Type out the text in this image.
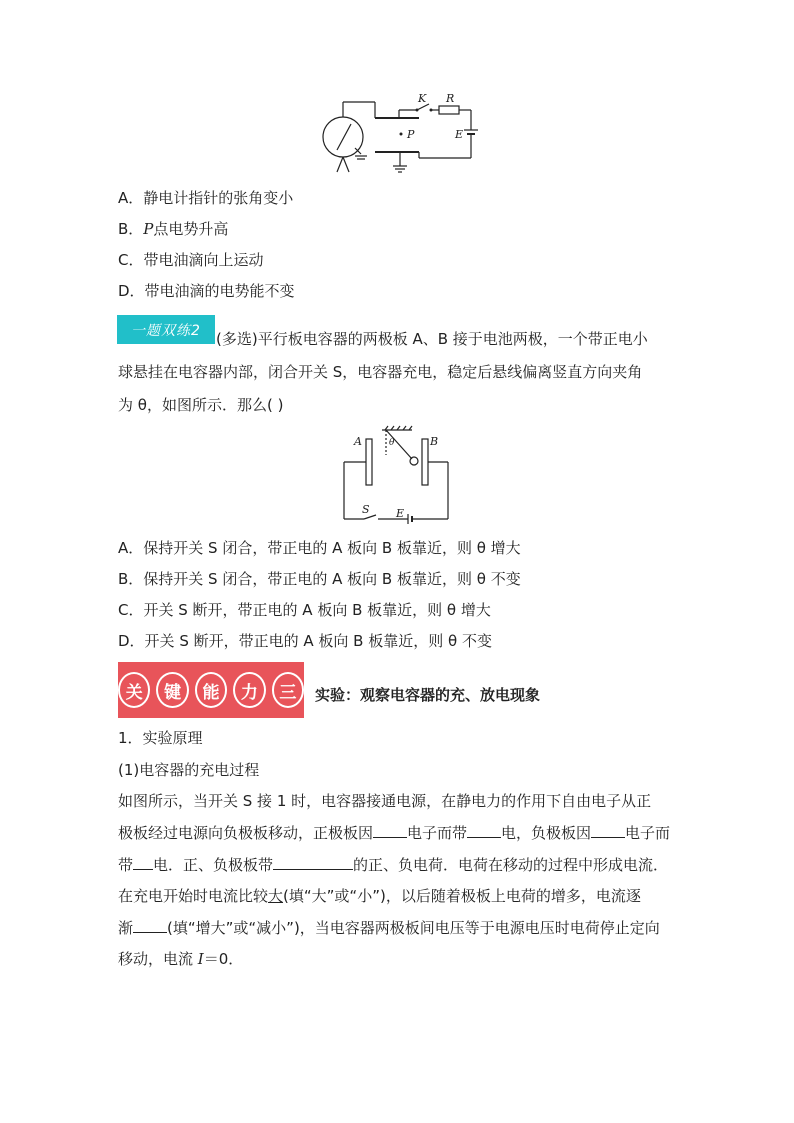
K R
E
P
A．静电计指针的张角变小
B．P点电势升高
C．带电油滴向上运动
D．带电油滴的电势能不变
一题双练2 (多选)平行板电容器的两极板 A、B 接于电池两极，一个带正电小
球悬挂在电容器内部，闭合开关 S，电容器充电，稳定后悬线偏离竖直方向夹角
为 θ，如图所示．那么( )
A	B
θ
S E
A．保持开关 S 闭合，带正电的 A 板向 B 板靠近，则 θ 增大
B．保持开关 S 闭合，带正电的 A 板向 B 板靠近，则 θ 不变
C．开关 S 断开，带正电的 A 板向 B 板靠近，则 θ 增大
D．开关 S 断开，带正电的 A 板向 B 板靠近，则 θ 不变
关	键	能	力	三	实验：观察电容器的充、放电现象
1．实验原理
(1)电容器的充电过程
如图所示，当开关 S 接 1 时，电容器接通电源，在静电力的作用下自由电子从正
极板经过电源向负极板移动，正极板因 电子而带 电，负极板因 电子而
带 电．正、负极板带	的正、负电荷．电荷在移动的过程中形成电流．
在充电开始时电流比较大(填“大”或“小”)，以后随着极板上电荷的增多，电流逐
渐 (填“增大”或“减小”)，当电容器两极板间电压等于电源电压时电荷停止定向
移动，电流 I＝0．
